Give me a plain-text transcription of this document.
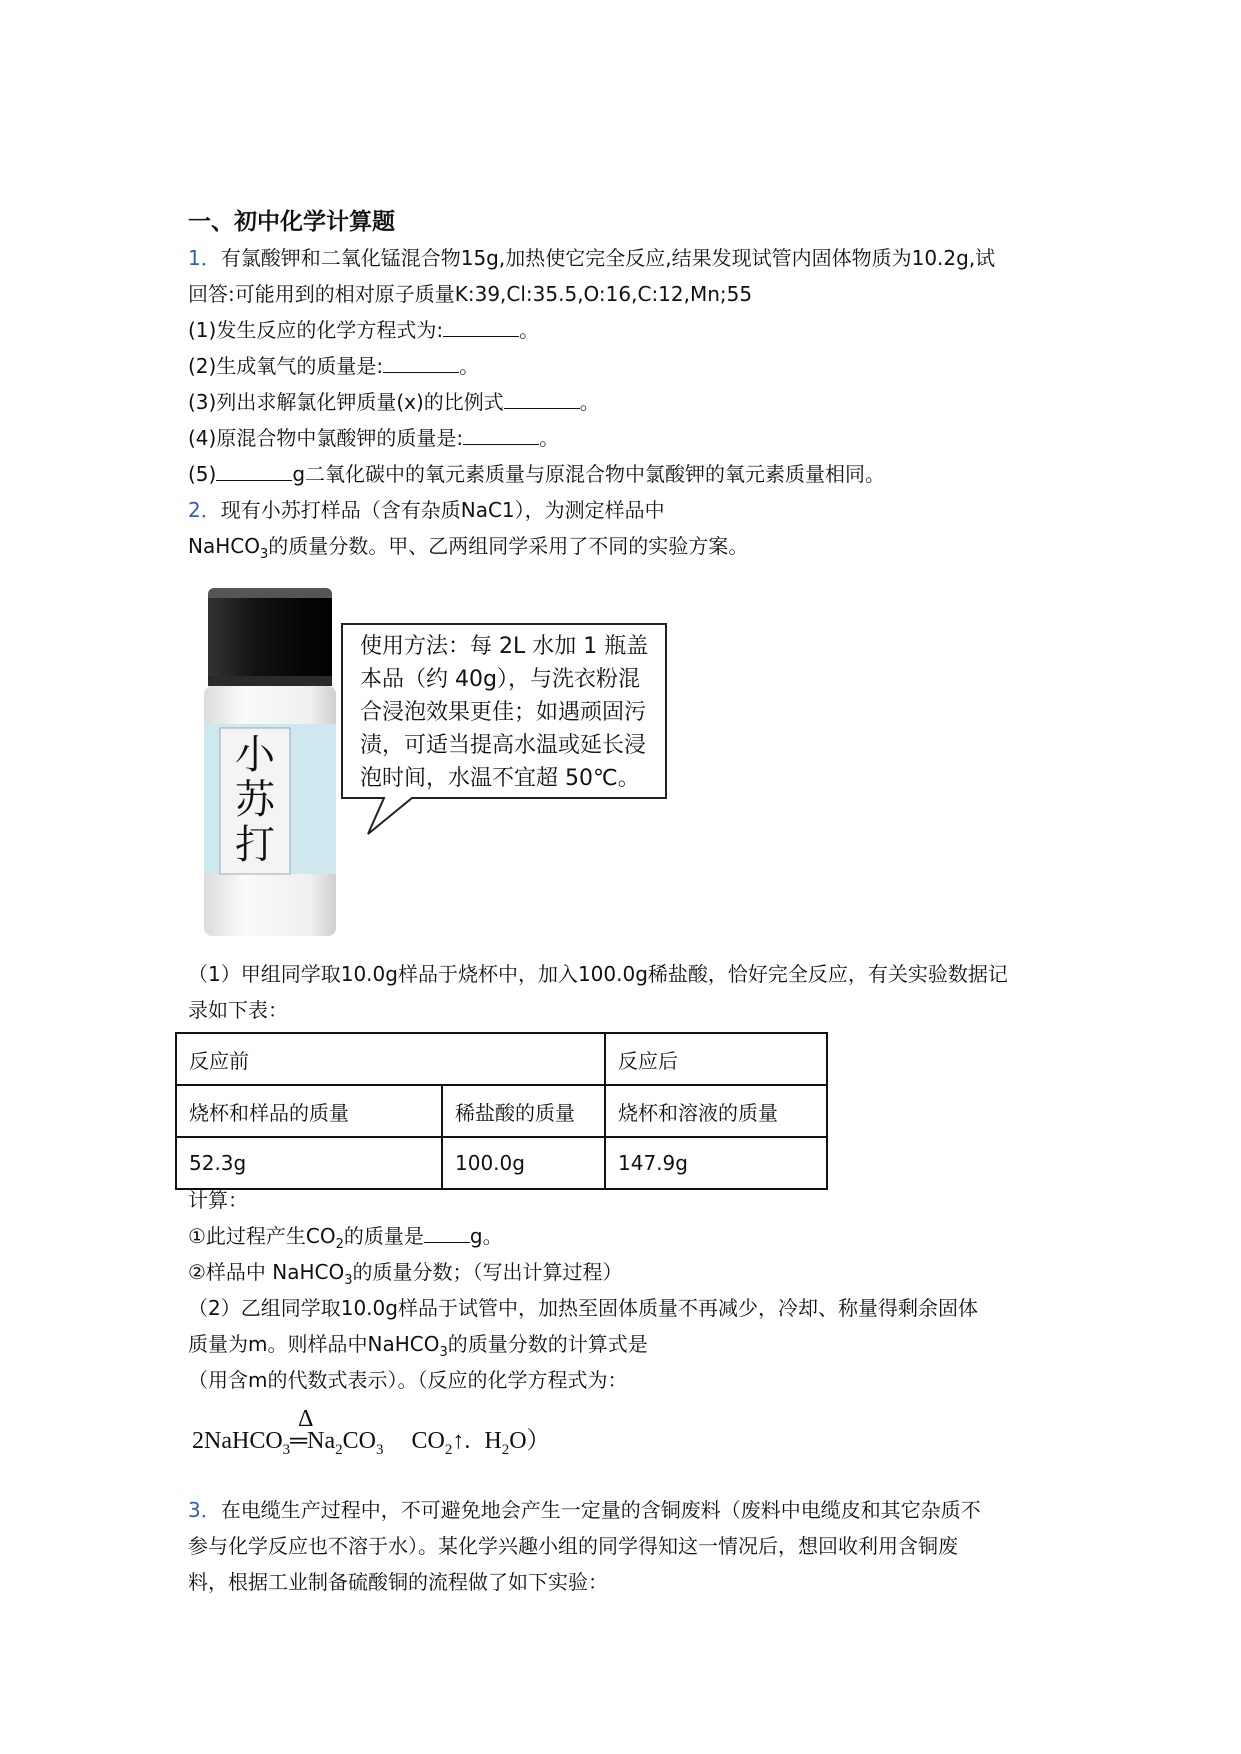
一、初中化学计算题
1．有氯酸钾和二氧化锰混合物15g,加热使它完全反应,结果发现试管内固体物质为10.2g,试
回答:可能用到的相对原子质量K:39,Cl:35.5,O:16,C:12,Mn;55
(1)发生反应的化学方程式为:	。
(2)生成氧气的质量是:	。
(3)列出求解氯化钾质量(x)的比例式	。
(4)原混合物中氯酸钾的质量是:	。
(5)	g二氧化碳中的氧元素质量与原混合物中氯酸钾的氧元素质量相同。
2．现有小苏打样品（含有杂质NaC1），为测定样品中
NaHCO$_3$的质量分数。甲、乙两组同学采用了不同的实验方案。
小
苏
打
使用方法：每 2L 水加 1 瓶盖本品（约 40g），与洗衣粉混合浸泡效果更佳；如遇顽固污渍，可适当提高水温或延长浸泡时间，水温不宜超 50℃。
（1）甲组同学取10.0g样品于烧杯中，加入100.0g稀盐酸，恰好完全反应，有关实验数据记
录如下表：
反应前		反应后
烧杯和样品的质量	稀盐酸的质量	烧杯和溶液的质量
52.3g	100.0g	147.9g
计算：
①此过程产生$CO_2$的质量是 g。
②样品中 NaHCO$_3$的质量分数；（写出计算过程）
（2）乙组同学取10.0g样品于试管中，加热至固体质量不再减少，冷却、称量得剩余固体
质量为m。则样品中NaHCO$_3$的质量分数的计算式是
（用含m的代数式表示）。（反应的化学方程式为：
Δ
$2NaHCO_3═Na_2CO_3$ $CO_2↑$. $H_2O$）
3．在电缆生产过程中，不可避免地会产生一定量的含铜废料（废料中电缆皮和其它杂质不
参与化学反应也不溶于水）。某化学兴趣小组的同学得知这一情况后，想回收利用含铜废
料，根据工业制备硫酸铜的流程做了如下实验：
